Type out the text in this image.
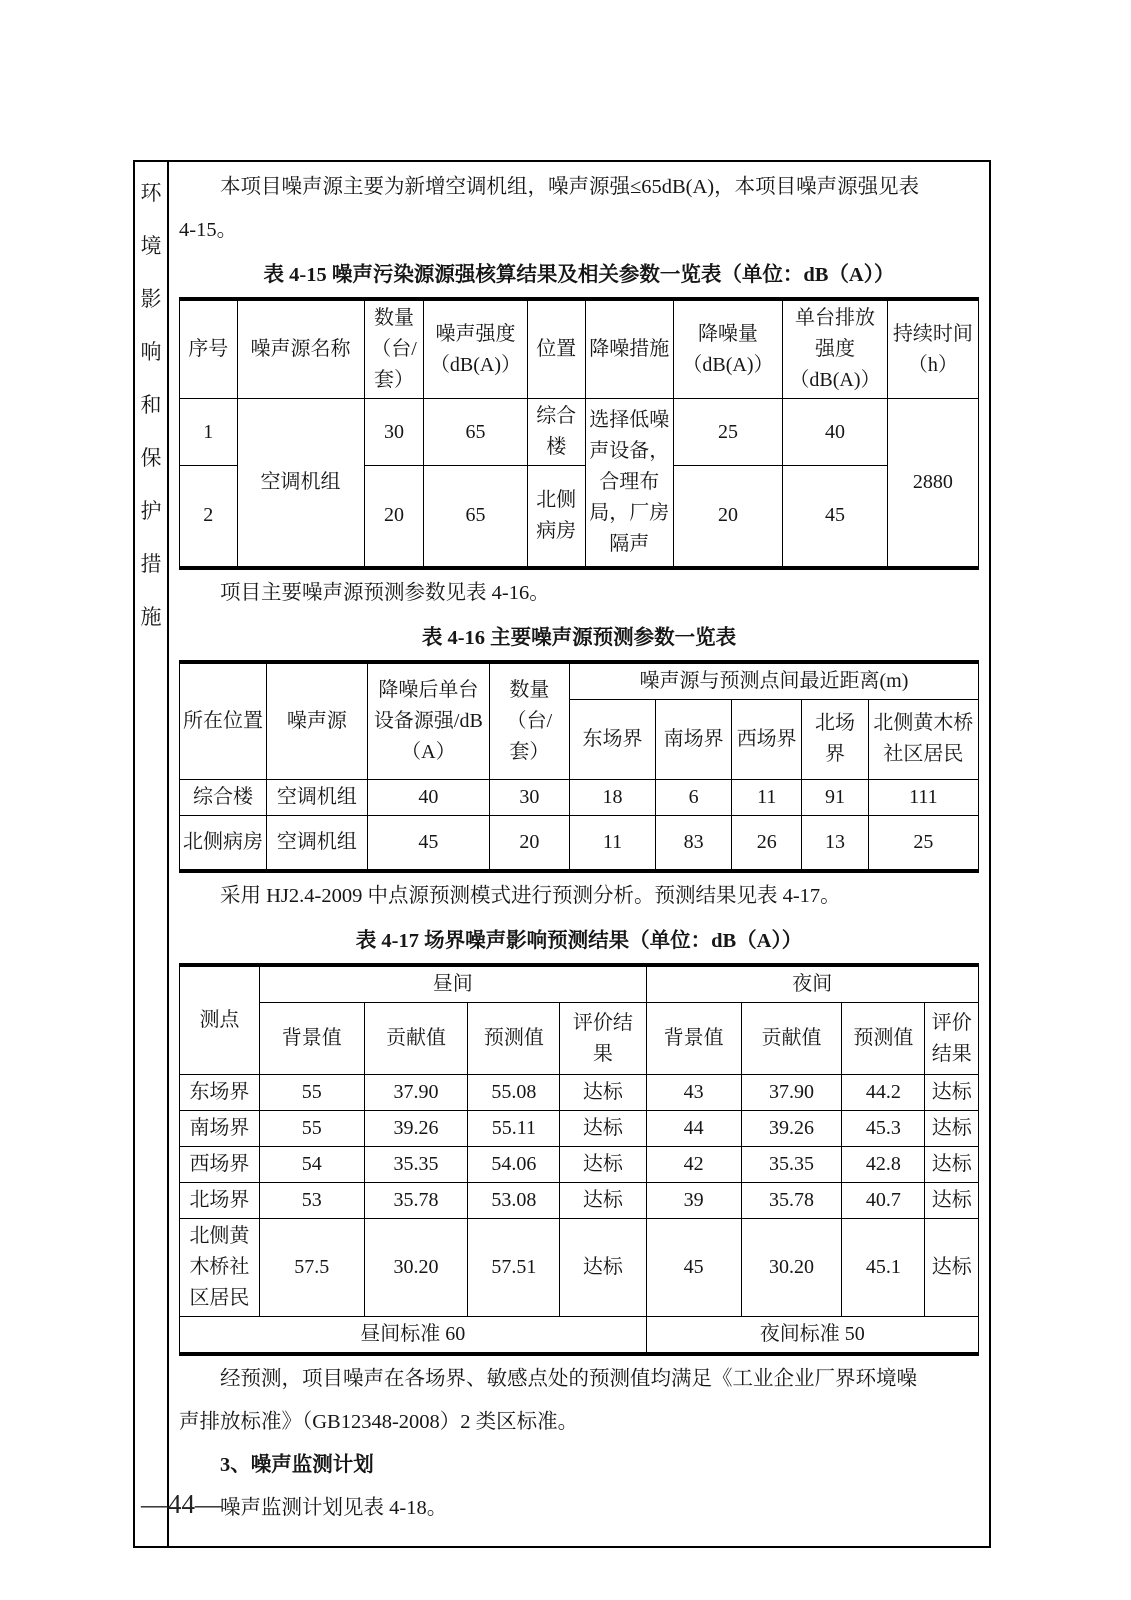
环
境
影
响
和
保
护
措
施

本项目噪声源主要为新增空调机组，噪声源强≤65dB(A)，本项目噪声源强见表

4-15。

表 4-15 噪声污染源源强核算结果及相关参数一览表（单位：dB（A））
序号	噪声源名称	数量（台/套）	噪声强度（dB(A)）	位置	降噪措施	降噪量（dB(A)）	单台排放强度（dB(A)）	持续时间（h）
1	空调机组	30	65	综合楼	选择低噪声设备，合理布局，厂房隔声	25	40	2880
2		20	65	北侧病房		20	45	

项目主要噪声源预测参数见表 4-16。

表 4-16 主要噪声源预测参数一览表
所在位置	噪声源	降噪后单台设备源强/dB（A）	数量（台/套）	噪声源与预测点间最近距离(m)				
				东场界	南场界	西场界	北场界	北侧黄木桥社区居民
综合楼	空调机组	40	30	18	6	11	91	111
北侧病房	空调机组	45	20	11	83	26	13	25

采用 HJ2.4-2009 中点源预测模式进行预测分析。预测结果见表 4-17。

表 4-17 场界噪声影响预测结果（单位：dB（A））
测点	昼间				夜间			
	背景值	贡献值	预测值	评价结果	背景值	贡献值	预测值	评价结果
东场界	55	37.90	55.08	达标	43	37.90	44.2	达标
南场界	55	39.26	55.11	达标	44	39.26	45.3	达标
西场界	54	35.35	54.06	达标	42	35.35	42.8	达标
北场界	53	35.78	53.08	达标	39	35.78	40.7	达标
北侧黄木桥社区居民	57.5	30.20	57.51	达标	45	30.20	45.1	达标
昼间标准 60					夜间标准 50			

经预测，项目噪声在各场界、敏感点处的预测值均满足《工业企业厂界环境噪

声排放标准》（GB12348-2008）2 类区标准。

3、噪声监测计划

噪声监测计划见表 4-18。

—44—
